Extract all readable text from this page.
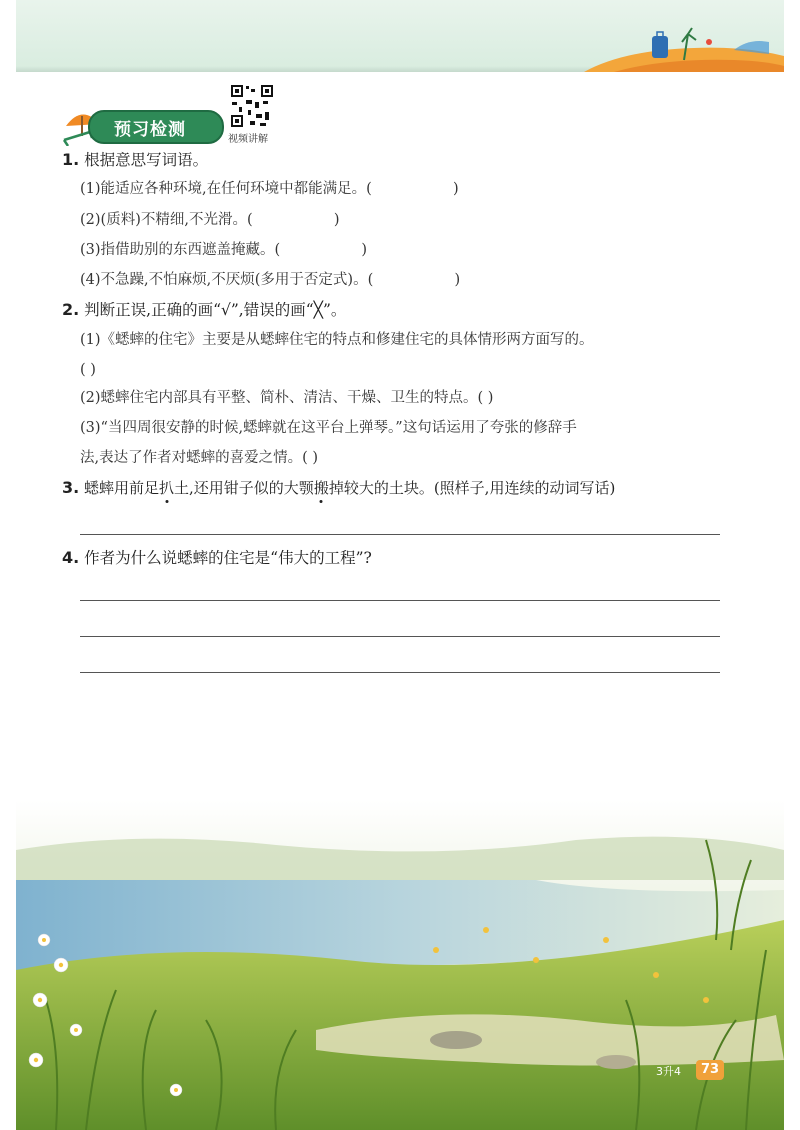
预习检测	视频讲解
1. 根据意思写词语。
(1)能适应各种环境,在任何环境中都能满足。(	)
(2)(质料)不精细,不光滑。(	)
(3)指借助别的东西遮盖掩藏。(	)
(4)不急躁,不怕麻烦,不厌烦(多用于否定式)。(	)
2. 判断正误,正确的画“√”,错误的画“╳”。
(1)《蟋蟀的住宅》主要是从蟋蟀住宅的特点和修建住宅的具体情形两方面写的。
( )
(2)蟋蟀住宅内部具有平整、简朴、清洁、干燥、卫生的特点。( )
(3)“当四周很安静的时候,蟋蟀就在这平台上弹琴。”这句话运用了夸张的修辞手
法,表达了作者对蟋蟀的喜爱之情。( )
3. 蟋蟀用前足扒土,还用钳子似的大颚搬掉较大的土块。(照样子,用连续的动词写话)
4. 作者为什么说蟋蟀的住宅是“伟大的工程”?
3升4 73
